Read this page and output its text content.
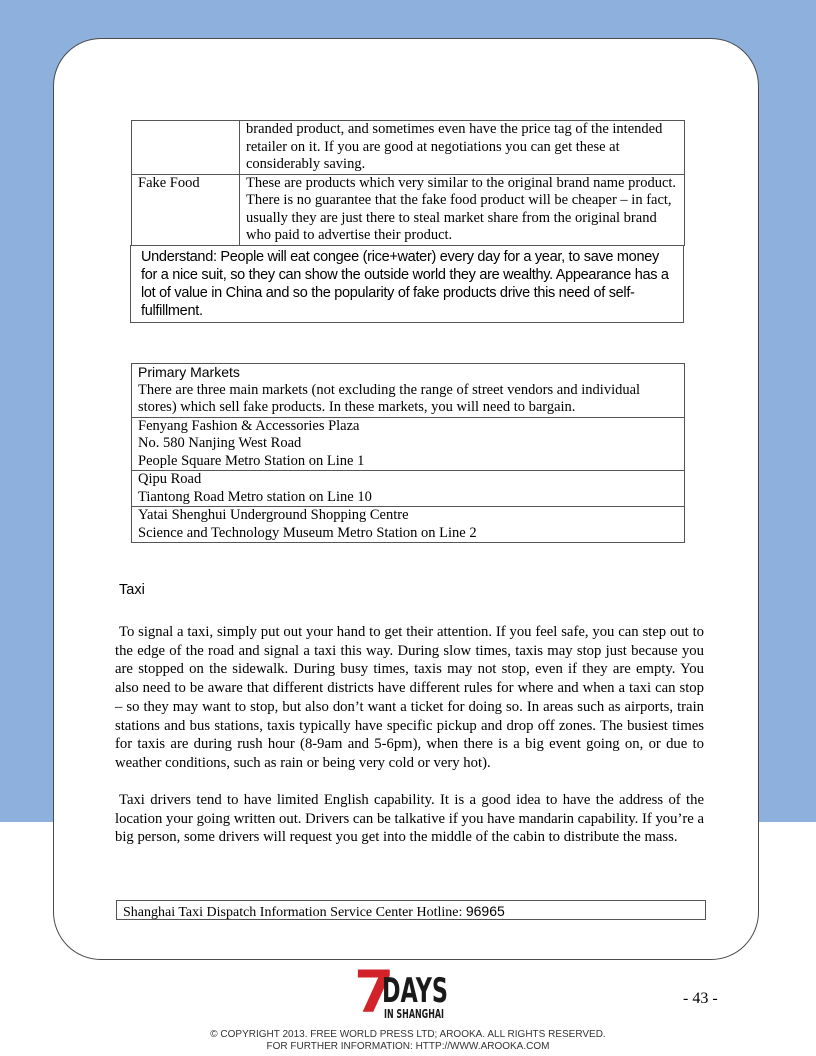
	branded product, and sometimes even have the price tag of the intended retailer on it. If you are good at negotiations you can get these at considerably saving.
Fake Food	These are products which very similar to the original brand name product. There is no guarantee that the fake food product will be cheaper – in fact, usually they are just there to steal market share from the original brand who paid to advertise their product.
Understand: People will eat congee (rice+water) every day for a year, to save money for a nice suit, so they can show the outside world they are wealthy. Appearance has a lot of value in China and so the popularity of fake products drive this need of self-fulfillment.
Primary Markets
There are three main markets (not excluding the range of street vendors and individual stores) which sell fake products. In these markets, you will need to bargain.

Fenyang Fashion & Accessories Plaza
No. 580 Nanjing West Road
People Square Metro Station on Line 1

Qipu Road
Tiantong Road Metro station on Line 10

Yatai Shenghui Underground Shopping Centre
Science and Technology Museum Metro Station on Line 2
Taxi
To signal a taxi, simply put out your hand to get their attention. If you feel safe, you can step out to the edge of the road and signal a taxi this way. During slow times, taxis may stop just because you are stopped on the sidewalk. During busy times, taxis may not stop, even if they are empty. You also need to be aware that different districts have different rules for where and when a taxi can stop – so they may want to stop, but also don’t want a ticket for doing so. In areas such as airports, train stations and bus stations, taxis typically have specific pickup and drop off zones. The busiest times for taxis are during rush hour (8-9am and 5-6pm), when there is a big event going on, or due to weather conditions, such as rain or being very cold or very hot).
Taxi drivers tend to have limited English capability. It is a good idea to have the address of the location your going written out. Drivers can be talkative if you have mandarin capability. If you’re a big person, some drivers will request you get into the middle of the cabin to distribute the mass.
Shanghai Taxi Dispatch Information Service Center Hotline: 96965
7
DAYS
IN SHANGHAI
- 43 -
© COPYRIGHT 2013. FREE WORLD PRESS LTD; AROOKA. ALL RIGHTS RESERVED.
FOR FURTHER INFORMATION: HTTP://WWW.AROOKA.COM
